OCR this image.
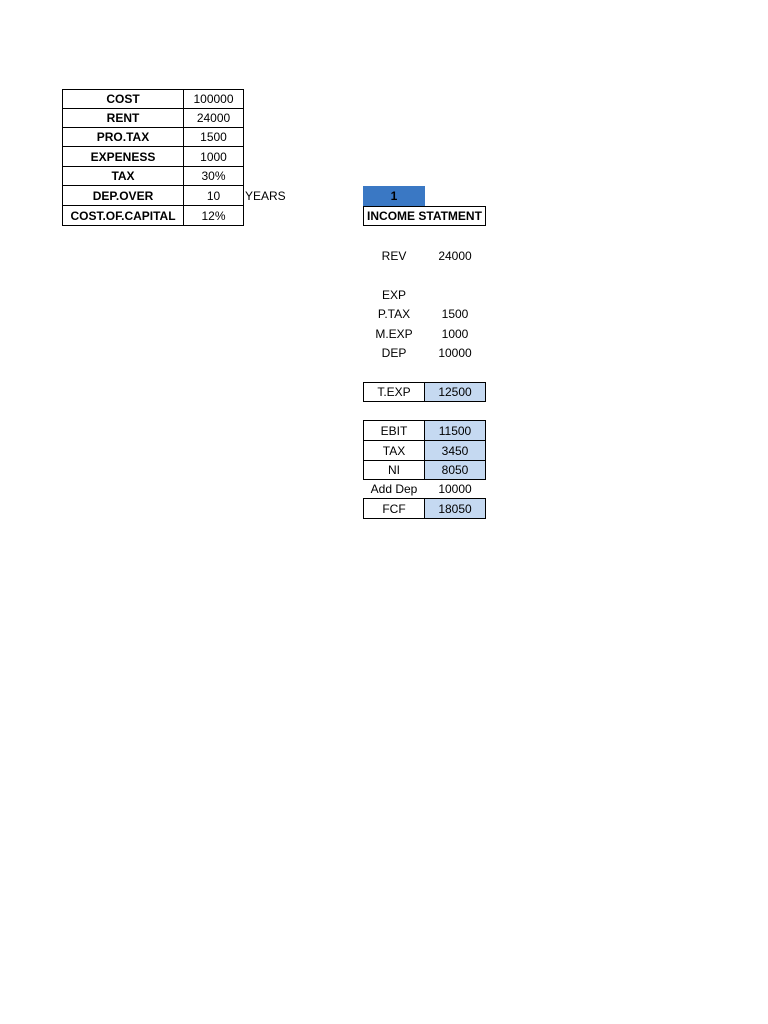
COST	100000
RENT	24000
PRO.TAX	1500
EXPENESS	1000
TAX	30%
DEP.OVER	10	YEARS
COST.OF.CAPITAL	12%
1
INCOME STATMENT
REV	24000
EXP
P.TAX	1500
M.EXP	1000
DEP	10000
T.EXP	12500
EBIT	11500
TAX	3450
NI	8050
Add Dep	10000
FCF	18050
